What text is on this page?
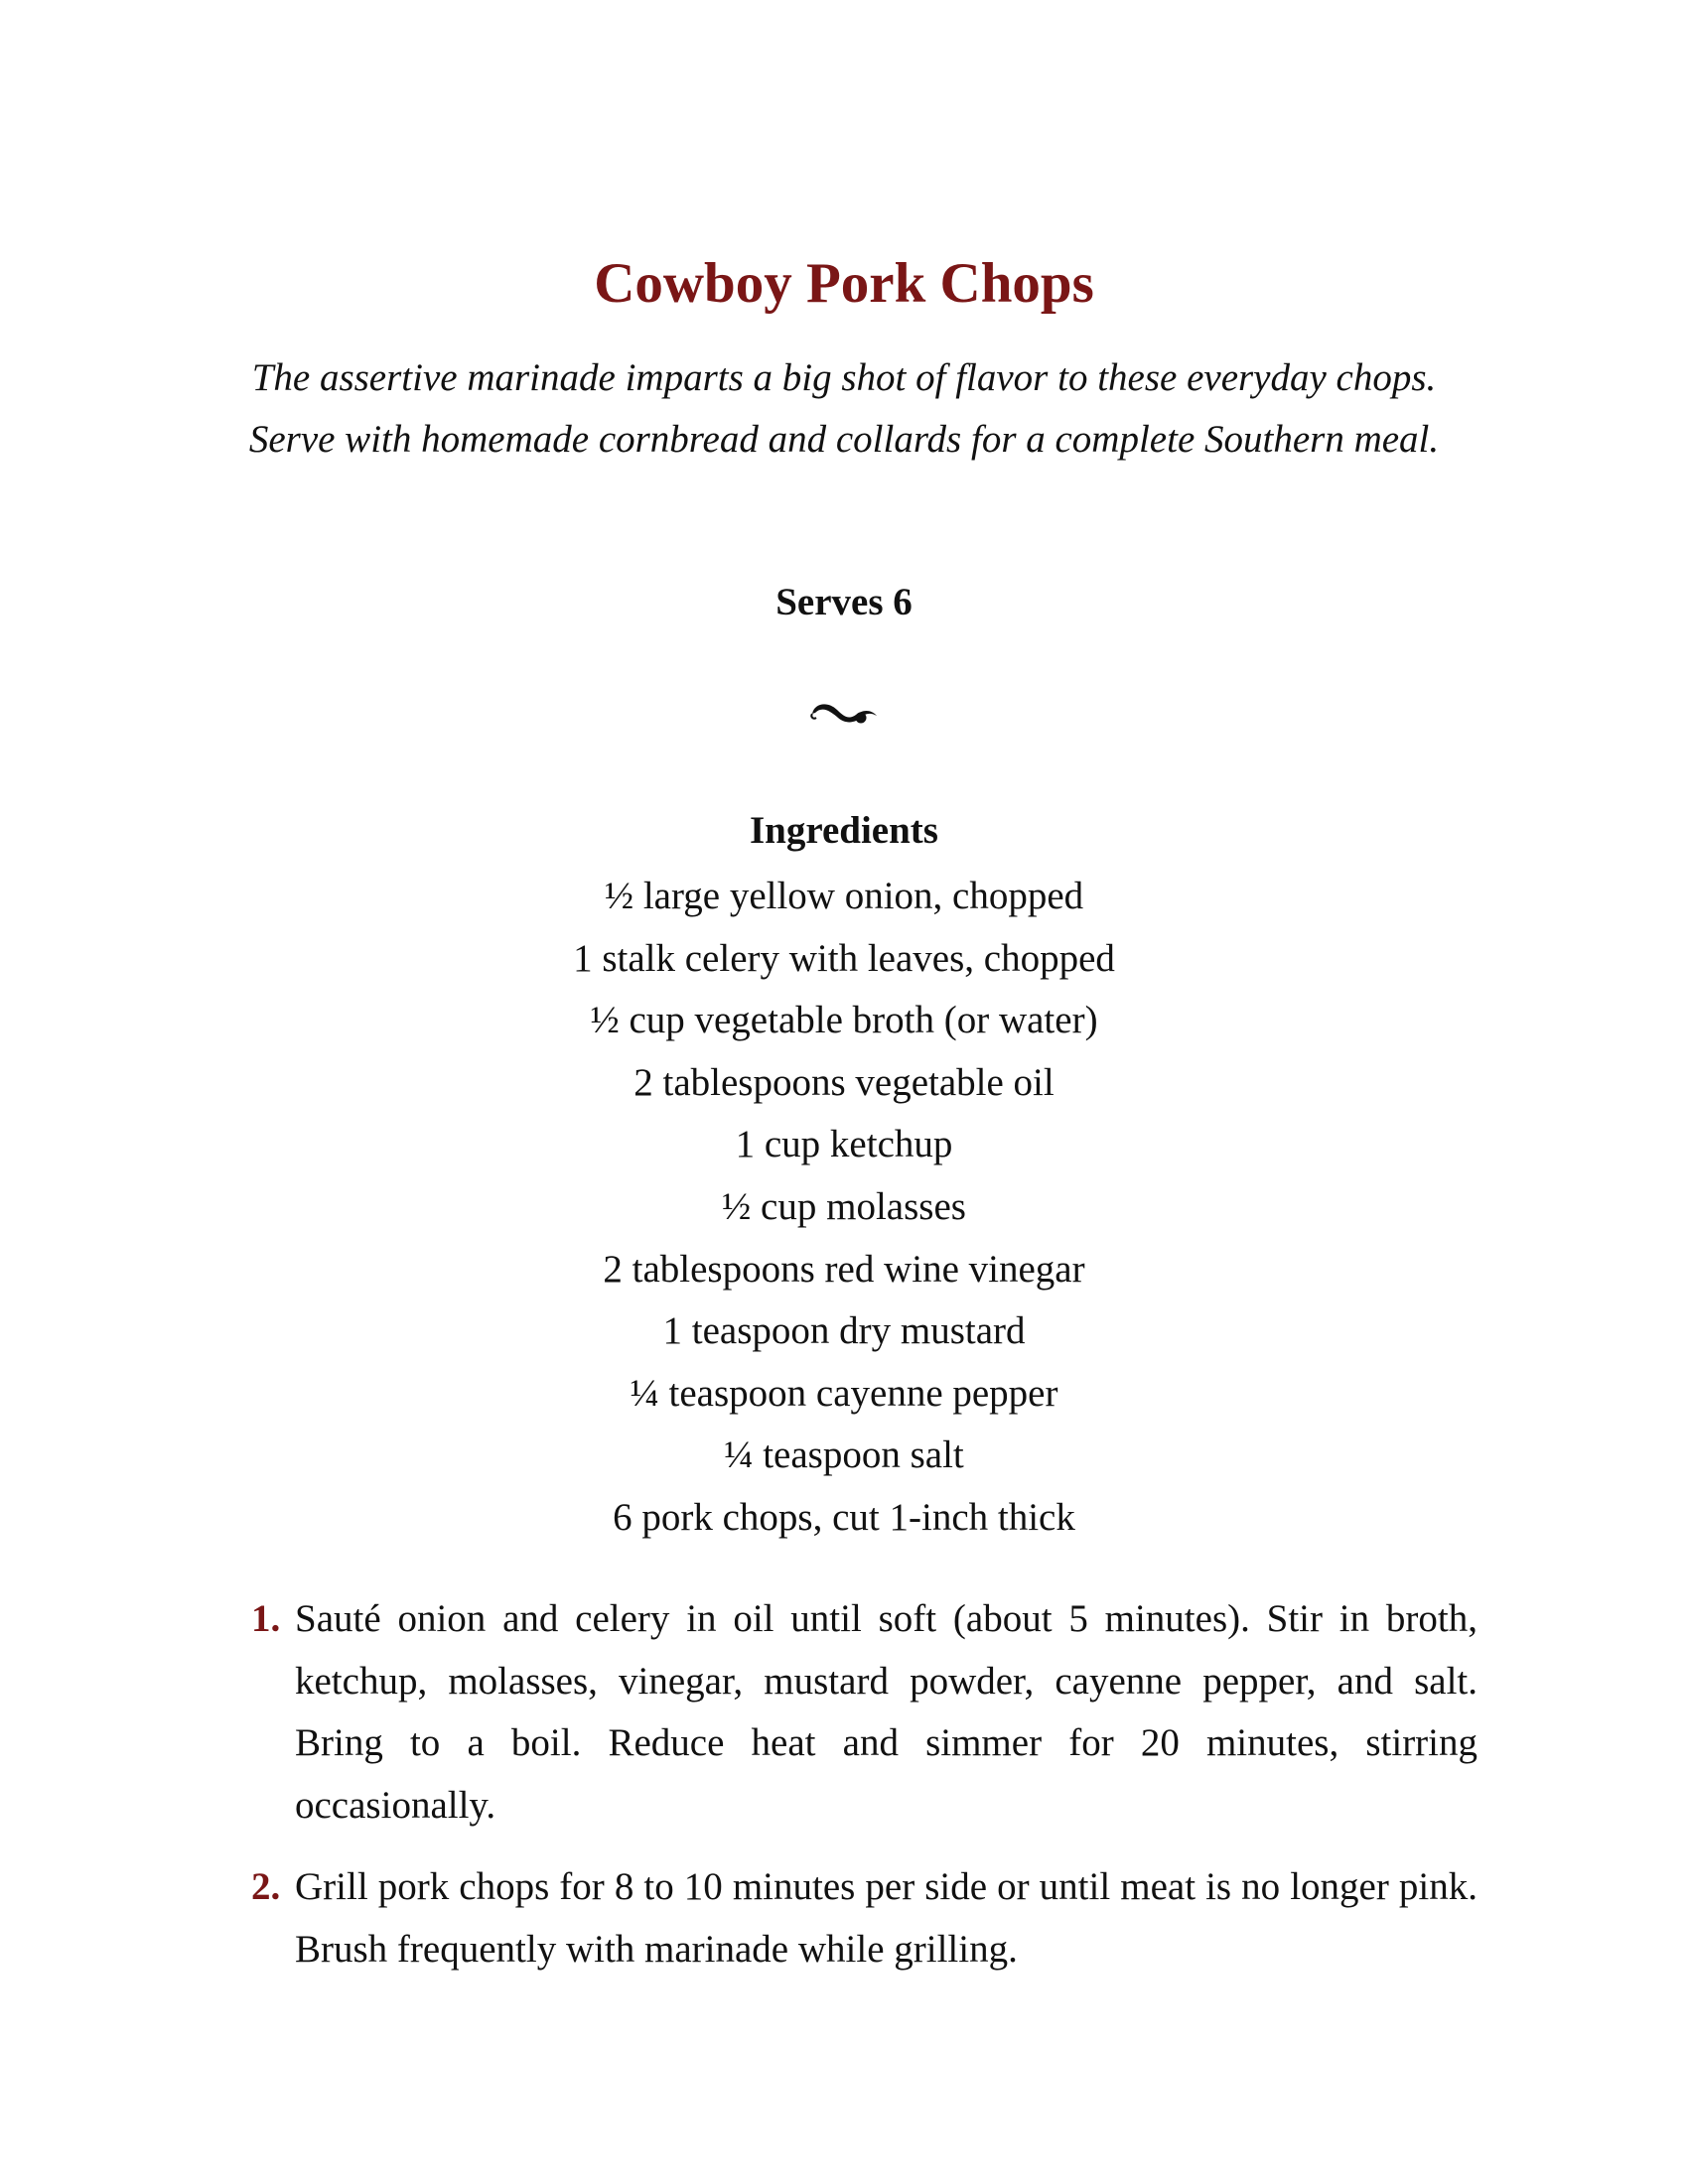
Cowboy Pork Chops

The assertive marinade imparts a big shot of flavor to these everyday chops. Serve with homemade cornbread and collards for a complete Southern meal.

Serves 6

Ingredients

½ large yellow onion, chopped
1 stalk celery with leaves, chopped
½ cup vegetable broth (or water)
2 tablespoons vegetable oil
1 cup ketchup
½ cup molasses
2 tablespoons red wine vinegar
1 teaspoon dry mustard
¼ teaspoon cayenne pepper
¼ teaspoon salt
6 pork chops, cut 1-inch thick
1. Sauté onion and celery in oil until soft (about 5 minutes). Stir in broth, ketchup, molasses, vinegar, mustard powder, cayenne pepper, and salt. Bring to a boil. Reduce heat and simmer for 20 minutes, stirring occasionally.
2. Grill pork chops for 8 to 10 minutes per side or until meat is no longer pink. Brush frequently with marinade while grilling.
